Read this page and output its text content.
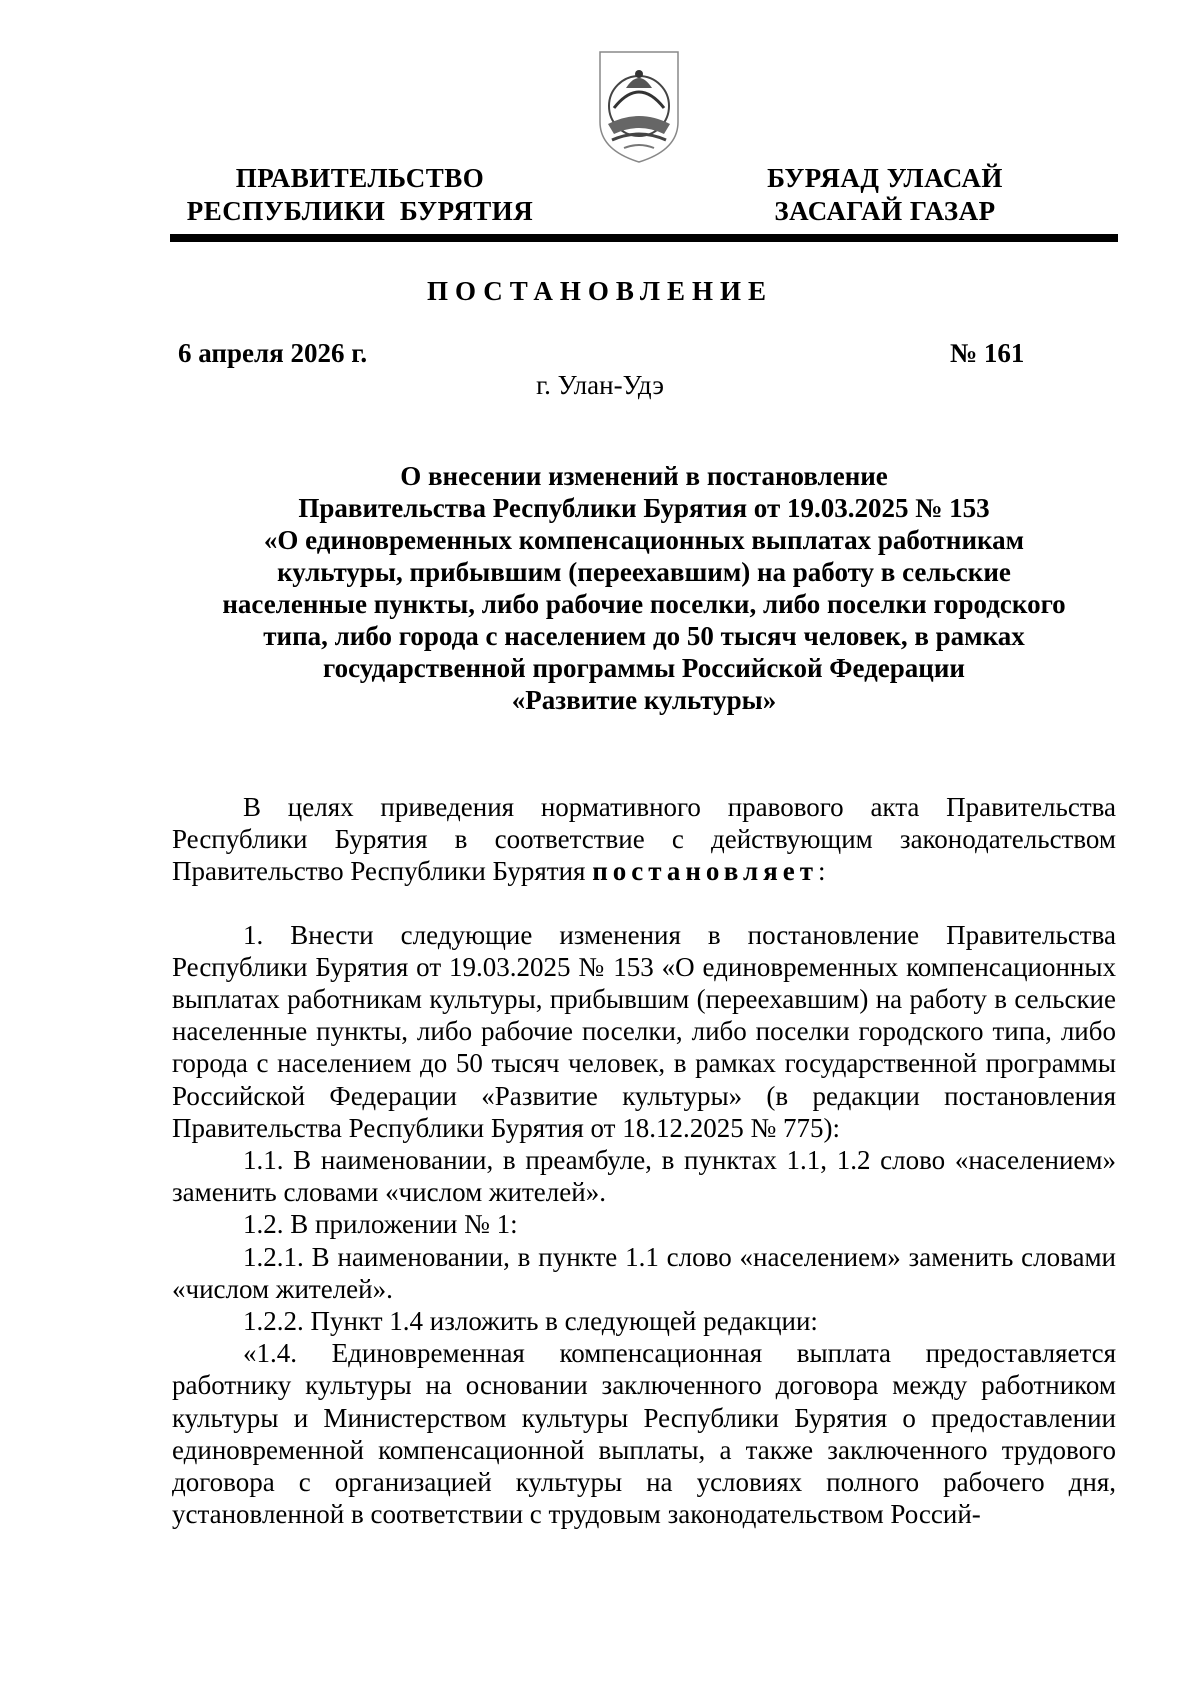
ПРАВИТЕЛЬСТВО
РЕСПУБЛИКИ  БУРЯТИЯ
БУРЯАД УЛАСАЙ
ЗАСАГАЙ ГАЗАР
ПОСТАНОВЛЕНИЕ
6 апреля 2026 г.	№ 161
г. Улан-Удэ
О внесении изменений в постановление
Правительства Республики Бурятия от 19.03.2025 № 153
«О единовременных компенсационных выплатах работникам
культуры, прибывшим (переехавшим) на работу в сельские
населенные пункты, либо рабочие поселки, либо поселки городского
типа, либо города с населением до 50 тысяч человек, в рамках
государственной программы Российской Федерации
«Развитие культуры»

В целях приведения нормативного правового акта Правительства Республики Бурятия в соответствие с действующим законодательством Правительство Республики Бурятия постановляет:

1. Внести следующие изменения в постановление Правительства Республики Бурятия от 19.03.2025 № 153 «О единовременных компенсационных выплатах работникам культуры, прибывшим (переехавшим) на работу в сельские населенные пункты, либо рабочие поселки, либо поселки городского типа, либо города с населением до 50 тысяч человек, в рамках государственной программы Российской Федерации «Развитие культуры» (в редакции постановления Правительства Республики Бурятия от 18.12.2025 № 775):

1.1. В наименовании, в преамбуле, в пунктах 1.1, 1.2 слово «населением» заменить словами «числом жителей».

1.2. В приложении № 1:

1.2.1. В наименовании, в пункте 1.1 слово «населением» заменить словами «числом жителей».

1.2.2. Пункт 1.4 изложить в следующей редакции:

«1.4. Единовременная компенсационная выплата предоставляется работнику культуры на основании заключенного договора между работником культуры и Министерством культуры Республики Бурятия о предоставлении единовременной компенсационной выплаты, а также заключенного трудового договора с организацией культуры на условиях полного рабочего дня, установленной в соответствии с трудовым законодательством Россий-
